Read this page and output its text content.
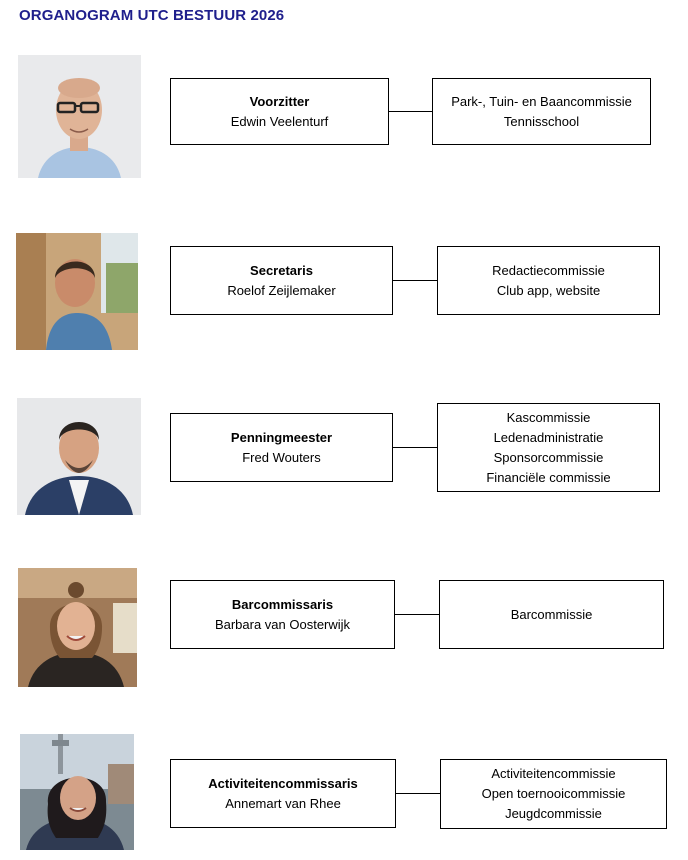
ORGANOGRAM UTC BESTUUR 2026
Voorzitter
Edwin Veelenturf
Park-, Tuin- en Baancommissie
Tennisschool
Secretaris
Roelof Zeijlemaker
Redactiecommissie
Club app, website
Penningmeester
Fred Wouters
Kascommissie
Ledenadministratie
Sponsorcommissie
Financiële commissie
Barcommissaris
Barbara van Oosterwijk
Barcommissie
Activiteitencommissaris
Annemart van Rhee
Activiteitencommissie
Open toernooicommissie
Jeugdcommissie
